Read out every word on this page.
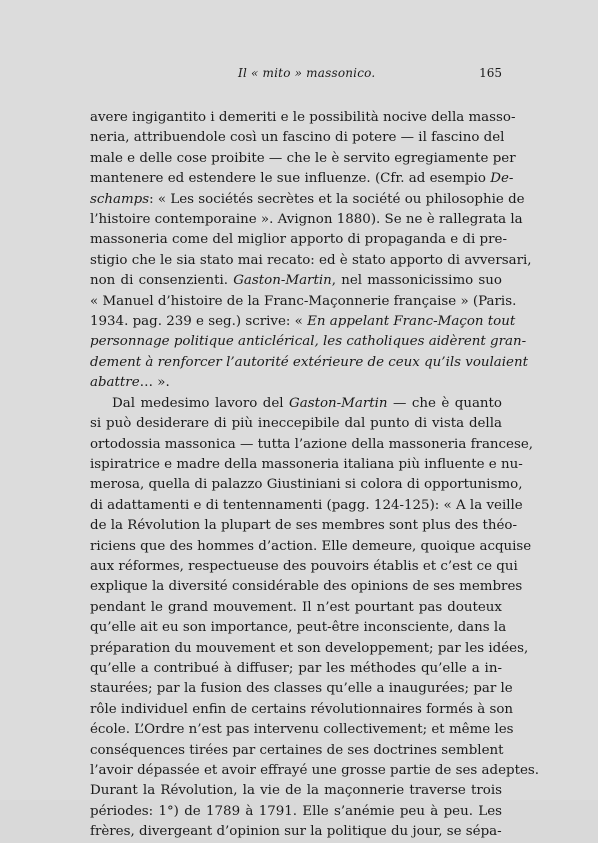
Il « mito » massonico.	165

avere ingigantito i demeriti e le possibilità nocive della masso-
neria, attribuendole così un fascino di potere — il fascino del
male e delle cose proibite — che le è servito egregiamente per
mantenere ed estendere le sue influenze. (Cfr. ad esempio De-
schamps: « Les sociétés secrètes et la société ou philosophie de
l’histoire contemporaine ». Avignon 1880). Se ne è rallegrata la
massoneria come del miglior apporto di propaganda e di pre-
stigio che le sia stato mai recato: ed è stato apporto di avversari,
non di consenzienti. Gaston-Martin, nel massonicissimo suo
« Manuel d’histoire de la Franc-Maçonnerie française » (Paris.
1934. pag. 239 e seg.) scrive: « En appelant Franc-Maçon tout
personnage politique anticlérical, les catholiques aidèrent gran-
dement à renforcer l’autorité extérieure de ceux qu’ils voulaient
abattre… ».

Dal medesimo lavoro del Gaston-Martin — che è quanto
si può desiderare di più ineccepibile dal punto di vista della
ortodossia massonica — tutta l’azione della massoneria francese,
ispiratrice e madre della massoneria italiana più influente e nu-
merosa, quella di palazzo Giustiniani si colora di opportunismo,
di adattamenti e di tentennamenti (pagg. 124-125): « A la veille
de la Révolution la plupart de ses membres sont plus des théo-
riciens que des hommes d’action. Elle demeure, quoique acquise
aux réformes, respectueuse des pouvoirs établis et c’est ce qui
explique la diversité considérable des opinions de ses membres
pendant le grand mouvement. Il n’est pourtant pas douteux
qu’elle ait eu son importance, peut-être inconsciente, dans la
préparation du mouvement et son developpement; par les idées,
qu’elle a contribué à diffuser; par les méthodes qu’elle a in-
staurées; par la fusion des classes qu’elle a inaugurées; par le
rôle individuel enfin de certains révolutionnaires formés à son
école. L’Ordre n’est pas intervenu collectivement; et même les
conséquences tirées par certaines de ses doctrines semblent
l’avoir dépassée et avoir effrayé une grosse partie de ses adeptes.
Durant la Révolution, la vie de la maçonnerie traverse trois
périodes: 1°) de 1789 à 1791. Elle s’anémie peu à peu. Les
frères, divergeant d’opinion sur la politique du jour, se sépa-
